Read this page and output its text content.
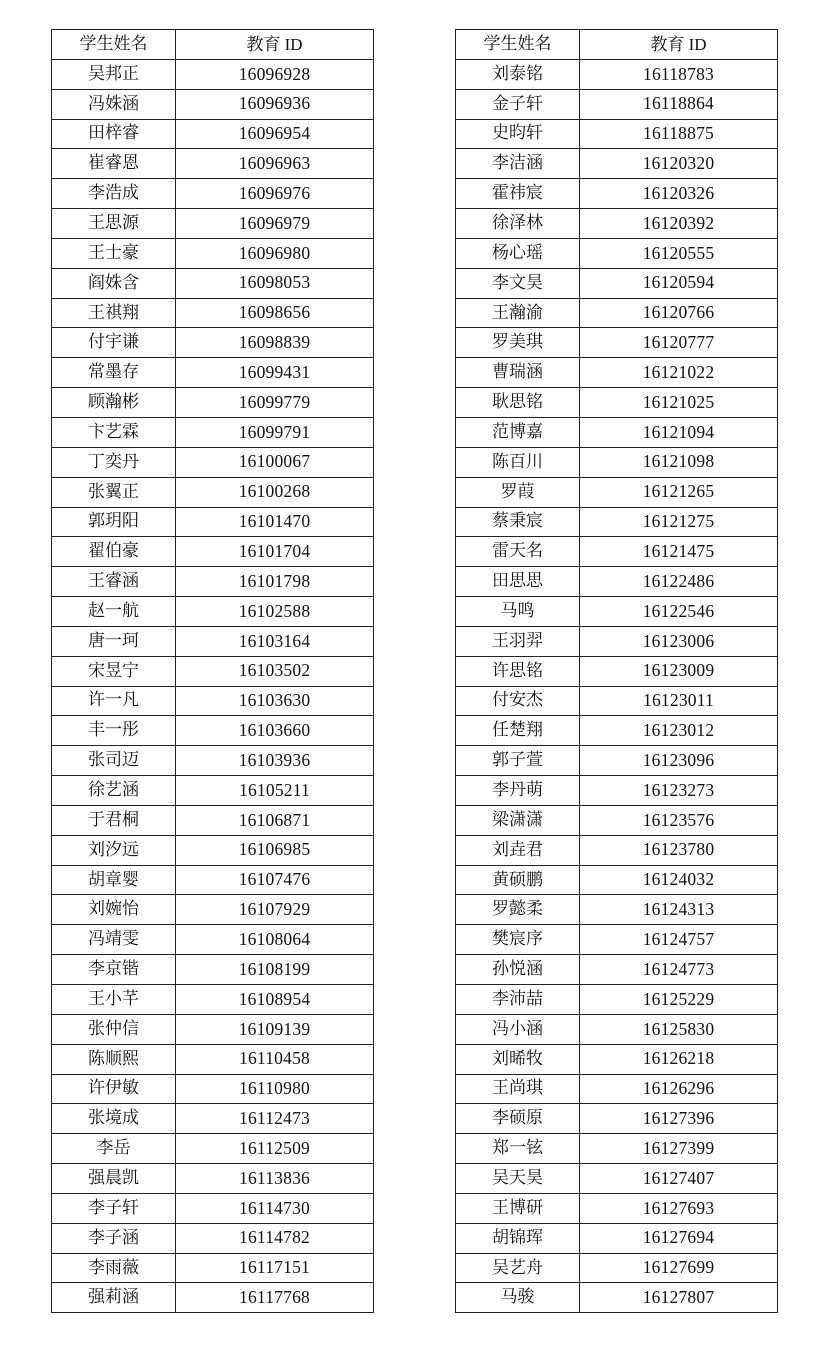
学生姓名	教育 ID
吴邦正	16096928
冯姝涵	16096936
田梓睿	16096954
崔睿恩	16096963
李浩成	16096976
王思源	16096979
王士豪	16096980
阎姝含	16098053
王祺翔	16098656
付宇谦	16098839
常墨存	16099431
顾瀚彬	16099779
卞艺霖	16099791
丁奕丹	16100067
张翼正	16100268
郭玥阳	16101470
翟伯豪	16101704
王睿涵	16101798
赵一航	16102588
唐一珂	16103164
宋昱宁	16103502
许一凡	16103630
丰一彤	16103660
张司迈	16103936
徐艺涵	16105211
于君桐	16106871
刘汐远	16106985
胡章婴	16107476
刘婉怡	16107929
冯靖雯	16108064
李京锴	16108199
王小芊	16108954
张仲信	16109139
陈顺熙	16110458
许伊敏	16110980
张境成	16112473
李岳	16112509
强晨凯	16113836
李子轩	16114730
李子涵	16114782
李雨薇	16117151
强莉涵	16117768
学生姓名	教育 ID
刘泰铭	16118783
金子轩	16118864
史昀轩	16118875
李洁涵	16120320
霍祎宸	16120326
徐泽林	16120392
杨心瑶	16120555
李文昊	16120594
王瀚渝	16120766
罗美琪	16120777
曹瑞涵	16121022
耿思铭	16121025
范博嘉	16121094
陈百川	16121098
罗葭	16121265
蔡秉宸	16121275
雷天名	16121475
田思思	16122486
马鸣	16122546
王羽羿	16123006
许思铭	16123009
付安杰	16123011
任楚翔	16123012
郭子萱	16123096
李丹萌	16123273
梁潇潇	16123576
刘垚君	16123780
黄硕鹏	16124032
罗懿柔	16124313
樊宸序	16124757
孙悦涵	16124773
李沛喆	16125229
冯小涵	16125830
刘晞牧	16126218
王尚琪	16126296
李硕原	16127396
郑一铉	16127399
吴天昊	16127407
王博研	16127693
胡锦珲	16127694
吴艺舟	16127699
马骏	16127807
